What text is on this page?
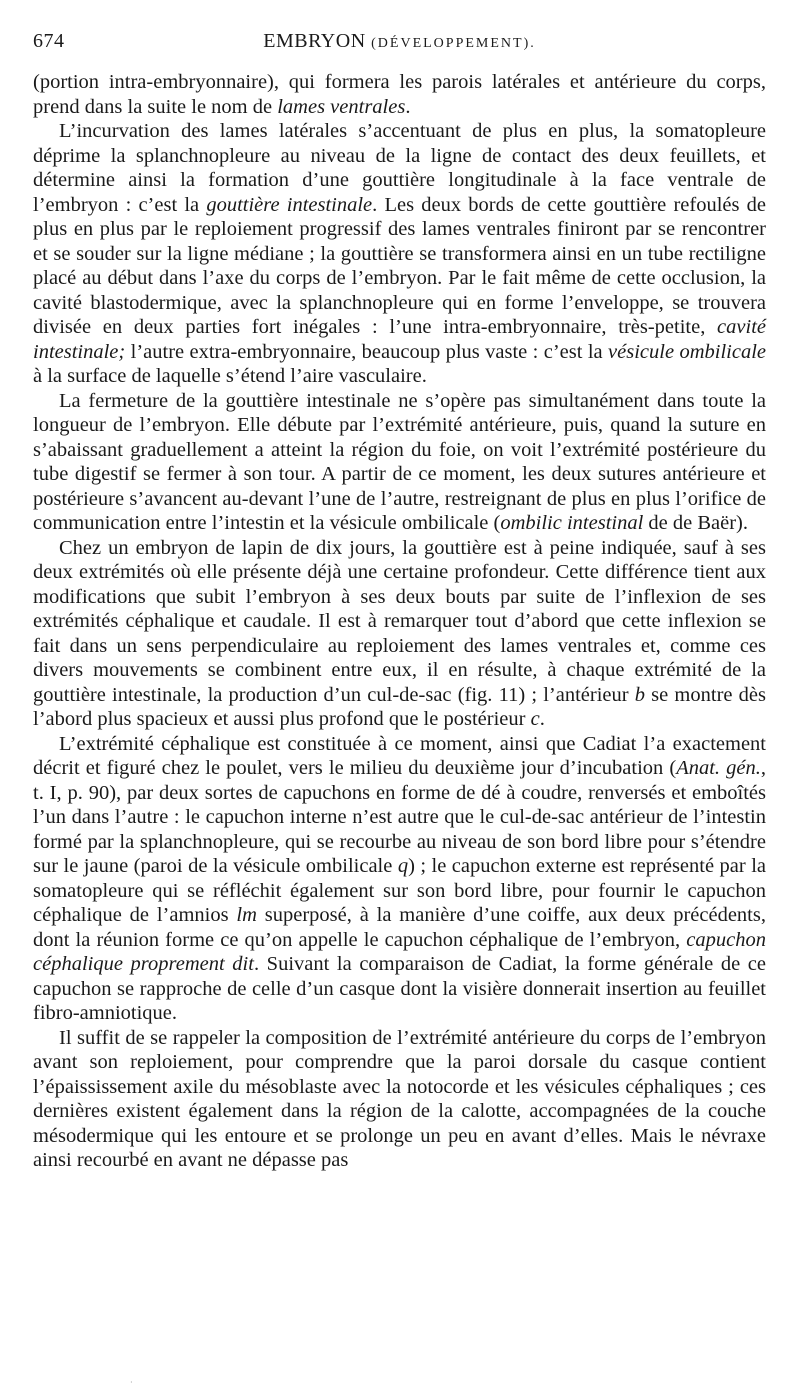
674	EMBRYON (DÉVELOPPEMENT).

(portion intra-embryonnaire), qui formera les parois latérales et antérieure du corps, prend dans la suite le nom de lames ventrales.

L’incurvation des lames latérales s’accentuant de plus en plus, la somatopleure déprime la splanchnopleure au niveau de la ligne de contact des deux feuillets, et détermine ainsi la formation d’une gouttière longitudinale à la face ventrale de l’embryon : c’est la gouttière intestinale. Les deux bords de cette gouttière refoulés de plus en plus par le reploiement progressif des lames ventrales finiront par se rencontrer et se souder sur la ligne médiane ; la gouttière se transformera ainsi en un tube rectiligne placé au début dans l’axe du corps de l’embryon. Par le fait même de cette occlusion, la cavité blastodermique, avec la splanchnopleure qui en forme l’enveloppe, se trouvera divisée en deux parties fort inégales : l’une intra-embryonnaire, très-petite, cavité intestinale; l’autre extra-embryonnaire, beaucoup plus vaste : c’est la vésicule ombilicale à la surface de laquelle s’étend l’aire vasculaire.

La fermeture de la gouttière intestinale ne s’opère pas simultanément dans toute la longueur de l’embryon. Elle débute par l’extrémité antérieure, puis, quand la suture en s’abaissant graduellement a atteint la région du foie, on voit l’extrémité postérieure du tube digestif se fermer à son tour. A partir de ce moment, les deux sutures antérieure et postérieure s’avancent au-devant l’une de l’autre, restreignant de plus en plus l’orifice de communication entre l’intestin et la vésicule ombilicale (ombilic intestinal de de Baër).

Chez un embryon de lapin de dix jours, la gouttière est à peine indiquée, sauf à ses deux extrémités où elle présente déjà une certaine profondeur. Cette différence tient aux modifications que subit l’embryon à ses deux bouts par suite de l’inflexion de ses extrémités céphalique et caudale. Il est à remarquer tout d’abord que cette inflexion se fait dans un sens perpendiculaire au reploiement des lames ventrales et, comme ces divers mouvements se combinent entre eux, il en résulte, à chaque extrémité de la gouttière intestinale, la production d’un cul-de-sac (fig. 11) ; l’antérieur b se montre dès l’abord plus spacieux et aussi plus profond que le postérieur c.

L’extrémité céphalique est constituée à ce moment, ainsi que Cadiat l’a exactement décrit et figuré chez le poulet, vers le milieu du deuxième jour d’incubation (Anat. gén., t. I, p. 90), par deux sortes de capuchons en forme de dé à coudre, renversés et emboîtés l’un dans l’autre : le capuchon interne n’est autre que le cul-de-sac antérieur de l’intestin formé par la splanchnopleure, qui se recourbe au niveau de son bord libre pour s’étendre sur le jaune (paroi de la vésicule ombilicale q) ; le capuchon externe est représenté par la somatopleure qui se réfléchit également sur son bord libre, pour fournir le capuchon céphalique de l’amnios lm superposé, à la manière d’une coiffe, aux deux précédents, dont la réunion forme ce qu’on appelle le capuchon céphalique de l’embryon, capuchon céphalique proprement dit. Suivant la comparaison de Cadiat, la forme générale de ce capuchon se rapproche de celle d’un casque dont la visière donnerait insertion au feuillet fibro-amniotique.

Il suffit de se rappeler la composition de l’extrémité antérieure du corps de l’embryon avant son reploiement, pour comprendre que la paroi dorsale du casque contient l’épaississement axile du mésoblaste avec la notocorde et les vésicules céphaliques ; ces dernières existent également dans la région de la calotte, accompagnées de la couche mésodermique qui les entoure et se prolonge un peu en avant d’elles. Mais le névraxe ainsi recourbé en avant ne dépasse pas

·
